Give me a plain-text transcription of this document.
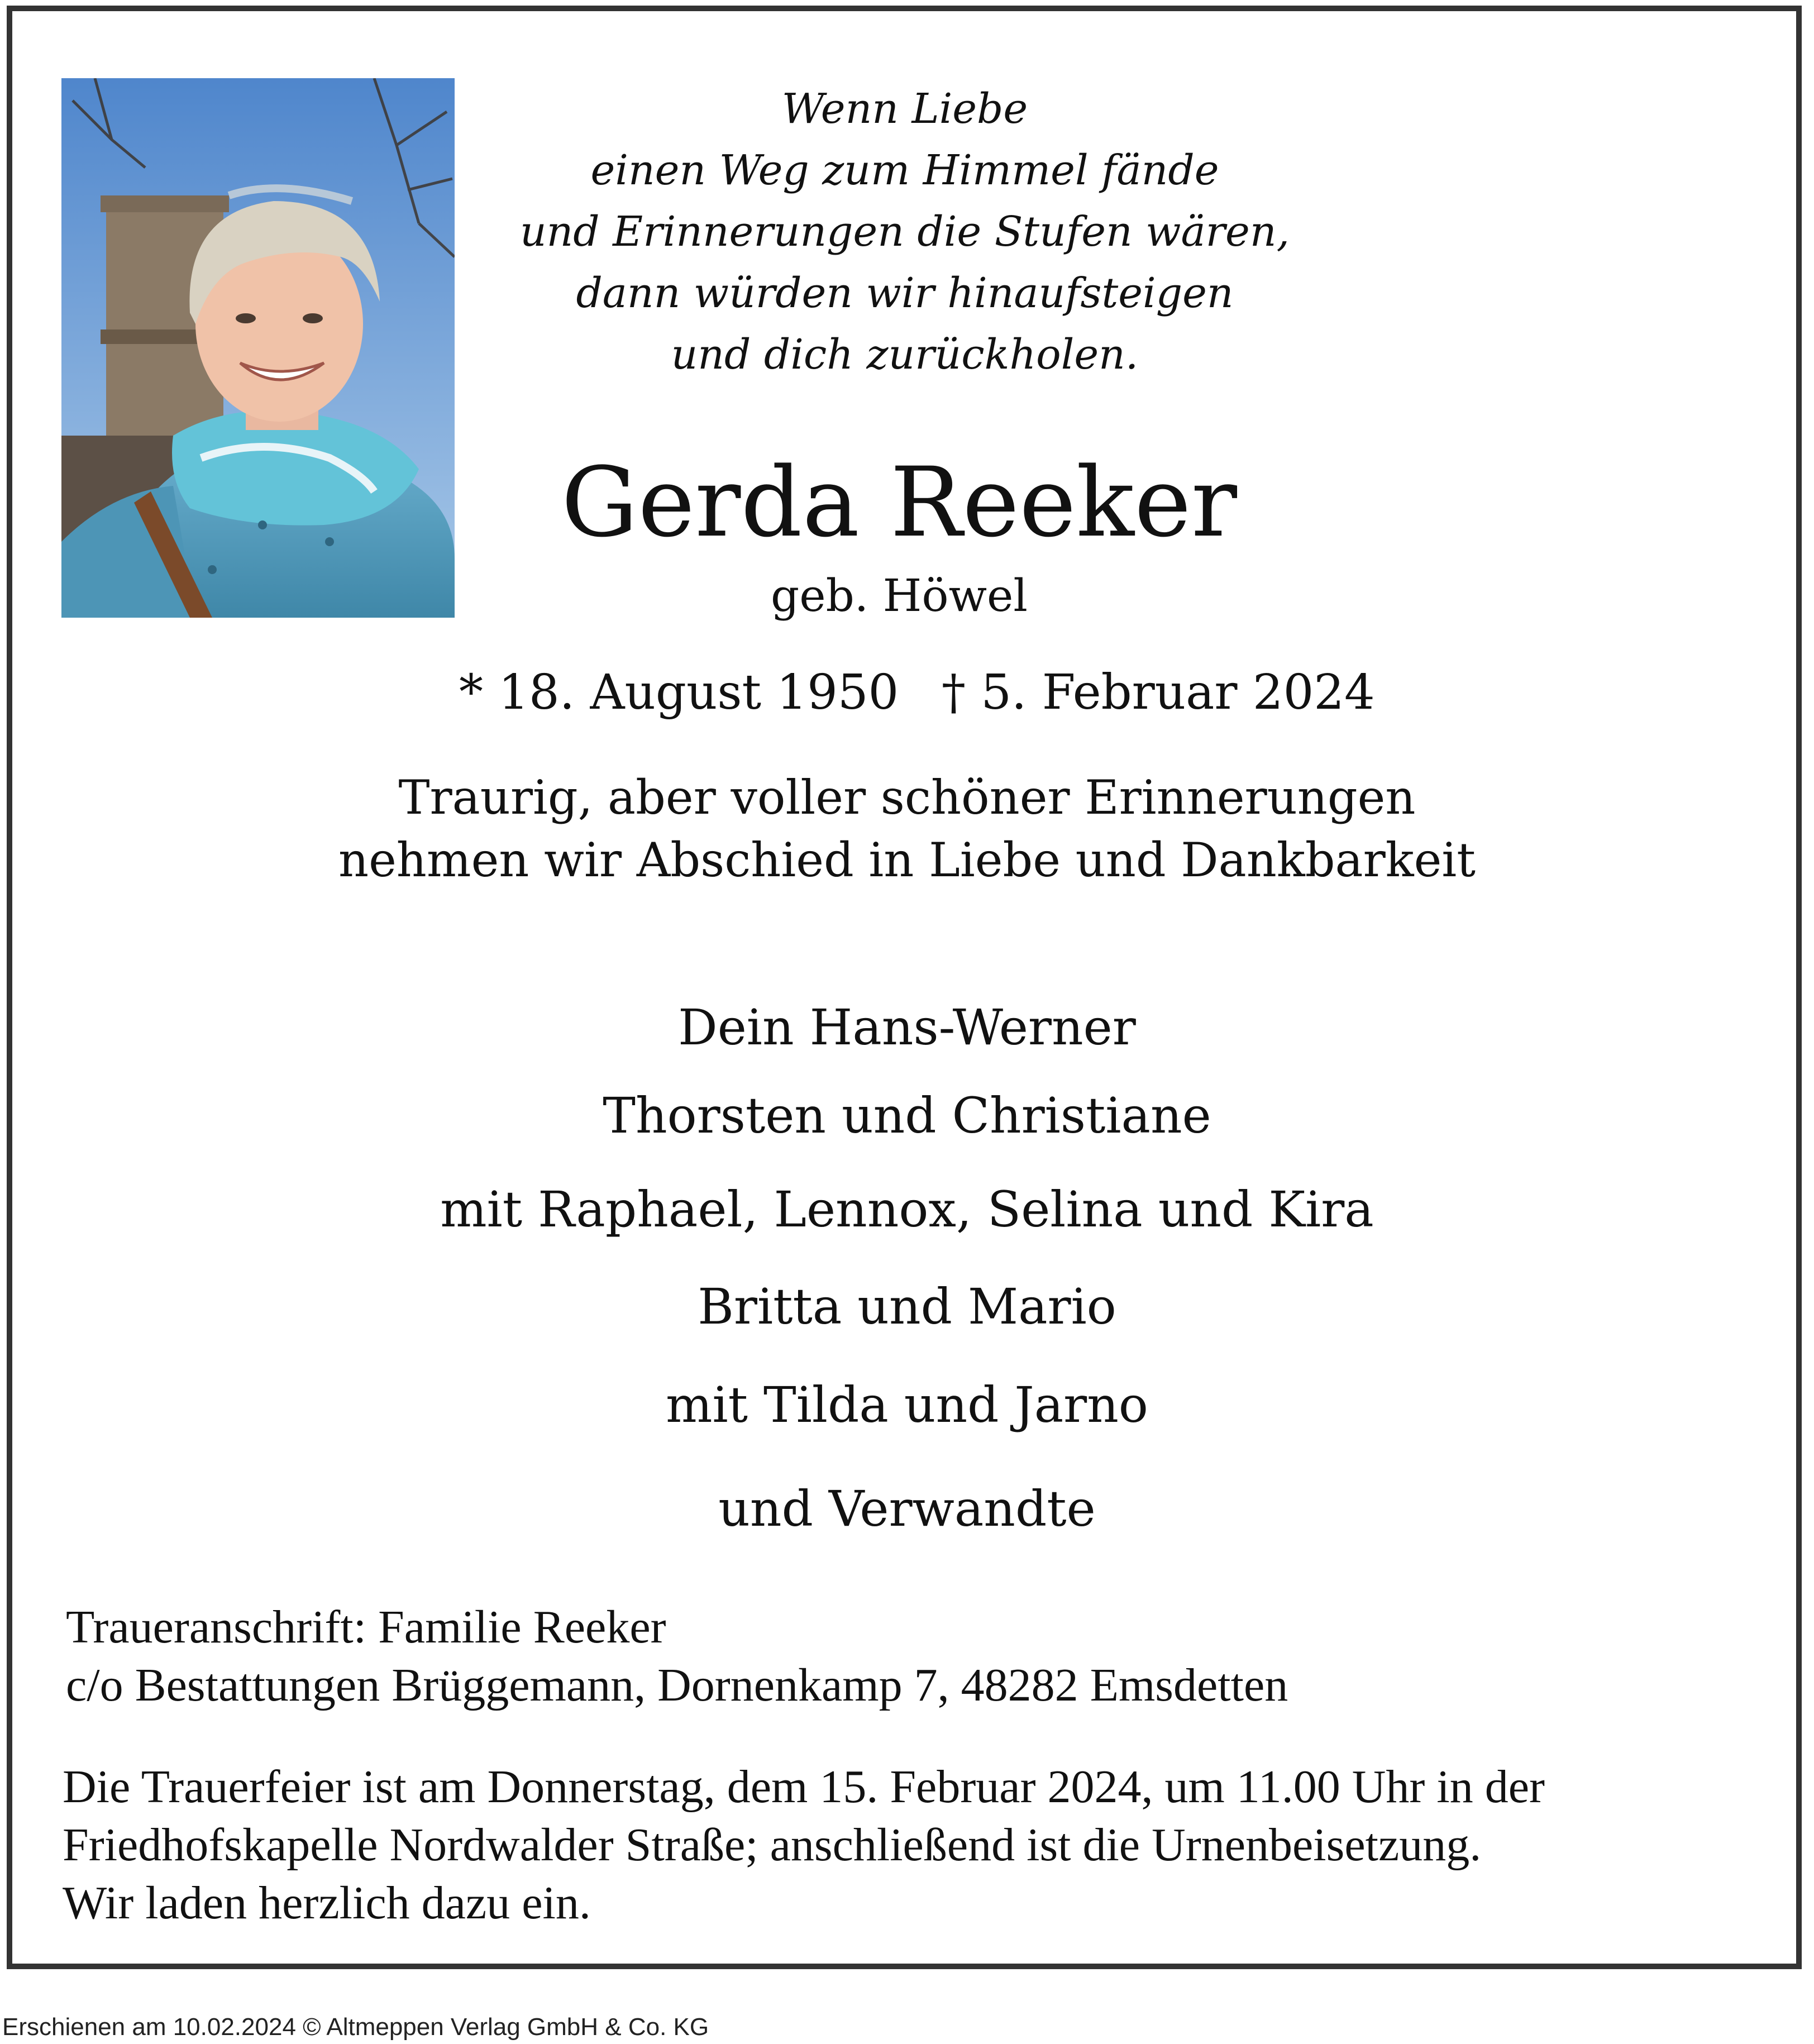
Wenn Liebe
einen Weg zum Himmel fände
und Erinnerungen die Stufen wären,
dann würden wir hinaufsteigen
und dich zurückholen.
Gerda Reeker
geb. Höwel
* 18. August 1950 † 5. Februar 2024
Traurig, aber voller schöner Erinnerungen
nehmen wir Abschied in Liebe und Dankbarkeit
Dein Hans-Werner
Thorsten und Christiane
mit Raphael, Lennox, Selina und Kira
Britta und Mario
mit Tilda und Jarno
und Verwandte
Traueranschrift: Familie Reeker
c/o Bestattungen Brüggemann, Dornenkamp 7, 48282 Emsdetten
Die Trauerfeier ist am Donnerstag, dem 15. Februar 2024, um 11.00 Uhr in der
Friedhofskapelle Nordwalder Straße; anschließend ist die Urnenbeisetzung.
Wir laden herzlich dazu ein.
Erschienen am 10.02.2024 © Altmeppen Verlag GmbH & Co. KG
